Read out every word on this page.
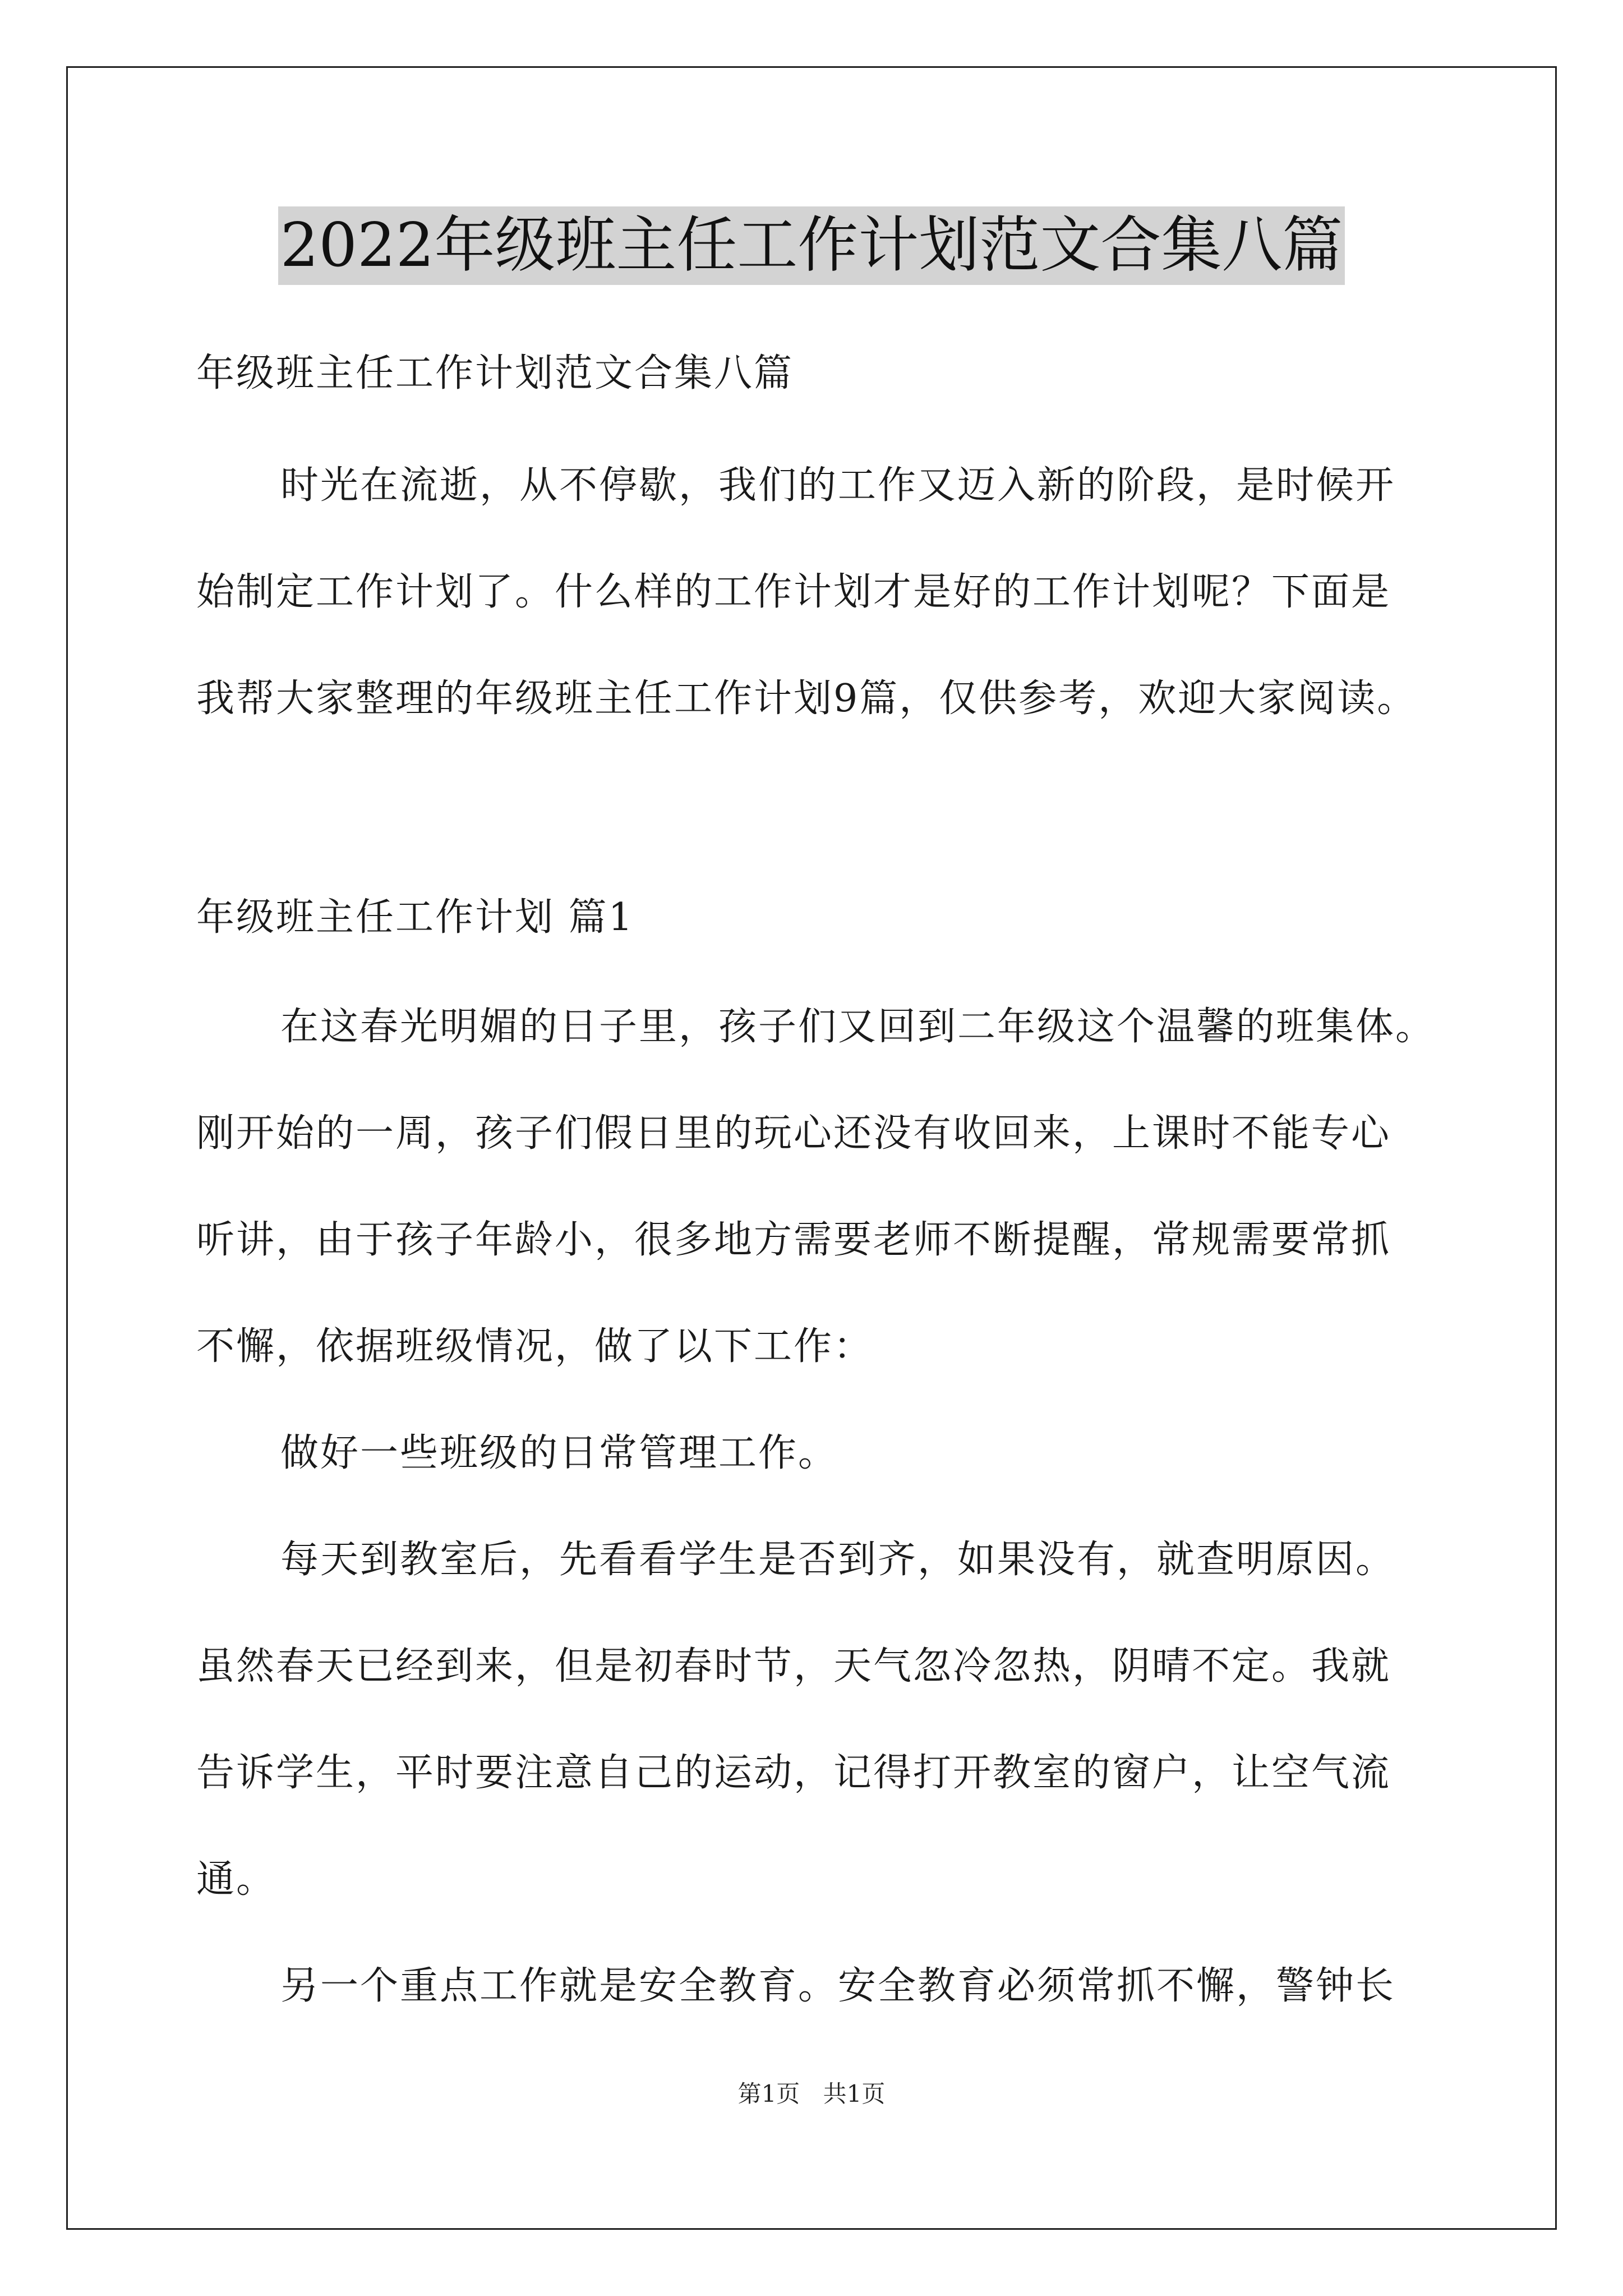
2022年级班主任工作计划范文合集八篇
年级班主任工作计划范文合集八篇
时光在流逝，从不停歇，我们的工作又迈入新的阶段，是时候开
始制定工作计划了。什么样的工作计划才是好的工作计划呢？下面是
我帮大家整理的年级班主任工作计划9篇，仅供参考，欢迎大家阅读。
年级班主任工作计划 篇1
在这春光明媚的日子里，孩子们又回到二年级这个温馨的班集体。
刚开始的一周，孩子们假日里的玩心还没有收回来，上课时不能专心
听讲，由于孩子年龄小，很多地方需要老师不断提醒，常规需要常抓
不懈，依据班级情况，做了以下工作：
做好一些班级的日常管理工作。
每天到教室后，先看看学生是否到齐，如果没有，就查明原因。
虽然春天已经到来，但是初春时节，天气忽冷忽热，阴晴不定。我就
告诉学生，平时要注意自己的运动，记得打开教室的窗户，让空气流
通。
另一个重点工作就是安全教育。安全教育必须常抓不懈，警钟长
第1页 共1页
